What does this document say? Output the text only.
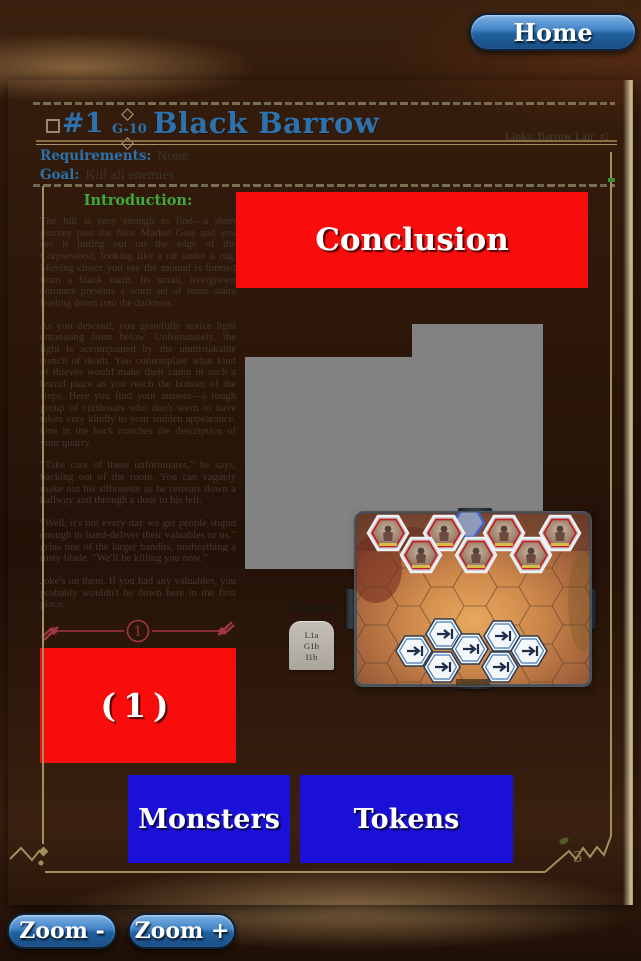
Home
#1 G-10 Black Barrow	Links: Barrow Lair #2
Requirements: None
Goal: Kill all enemies
Introduction:

The hill is easy enough to find—a short journey past the New Market Gate and you see it jutting out on the edge of the Corpsewood, looking like a rat under a rug. Moving closer you see the mound is formed from a black earth. Its small, overgrown entrance presents a worn set of stone stairs leading down into the darkness.

As you descend, you gratefully notice light emanating from below. Unfortunately, the light is accompanied by the unmistakable stench of death. You contemplate what kind of thieves would make their camp in such a horrid place as you reach the bottom of the steps. Here you find your answer—a rough group of cutthroats who don't seem to have taken very kindly to your sudden appearance. One in the back matches the description of your quarry.

“Take care of these unfortunates,” he says, backing out of the room. You can vaguely make out his silhouette as he retreats down a hallway and through a door to his left.

“Well, it's not every day we get people stupid enough to hand-deliver their valuables to us,” grins one of the larger bandits, unsheathing a rusty blade. “We'll be killing you now.”

Joke's on them. If you had any valuables, you probably wouldn't be down here in the first place.

Conclusion
1
(1)
Maps:
L1a
G1b
I1b
Monsters	Tokens
3
Zoom -	Zoom +
